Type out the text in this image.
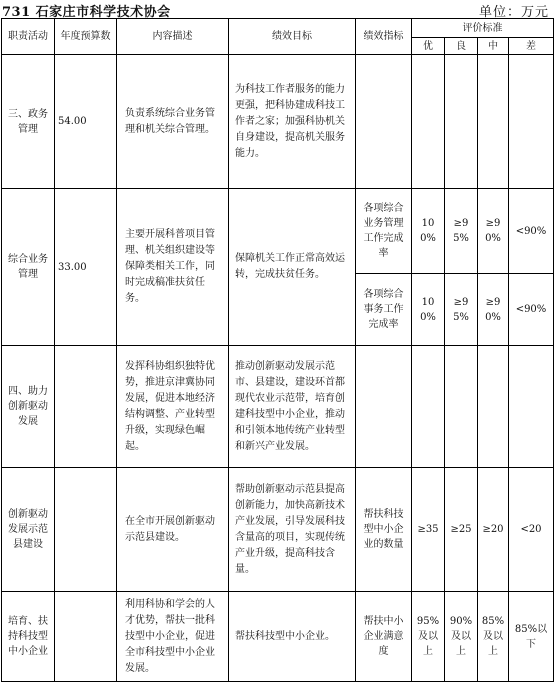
731 石家庄市科学技术协会	单位：万元
职责活动	年度预算数	内容描述	绩效目标	绩效指标	评价标准			
					优	良	中	差
三、政务管理	54.00	负责系统综合业务管理和机关综合管理。	为科技工作者服务的能力更强，把科协建成科技工作者之家；加强科协机关自身建设，提高机关服务能力。					

综合业务管理	33.00	主要开展科普项目管理、机关组织建设等保障类相关工作，同时完成稿准扶贫任务。	保障机关工作正常高效运转，完成扶贫任务。	各项综合业务管理工作完成率	100%	≥95%	≥90%	<90%

				各项综合事务工作完成率	100%	≥95%	≥90%	<90%

四、助力创新驱动发展		发挥科协组织独特优势，推进京津冀协同发展，促进本地经济结构调整、产业转型升级，实现绿色崛起。	推动创新驱动发展示范市、县建设，建设环首都现代农业示范带，培育创建科技型中小企业，推动和引领本地传统产业转型和新兴产业发展。					

创新驱动发展示范县建设		在全市开展创新驱动示范县建设。	帮助创新驱动示范县提高创新能力，加快高新技术产业发展，引导发展科技含量高的项目，实现传统产业升级，提高科技含量。	帮扶科技型中小企业的数量	≥35	≥25	≥20	<20

培育、扶持科技型中小企业		利用科协和学会的人才优势，帮扶一批科技型中小企业，促进全市科技型中小企业发展。	帮扶科技型中小企业。	帮扶中小企业满意度	95%及以上	90%及以上	85%及以上	85%以下
